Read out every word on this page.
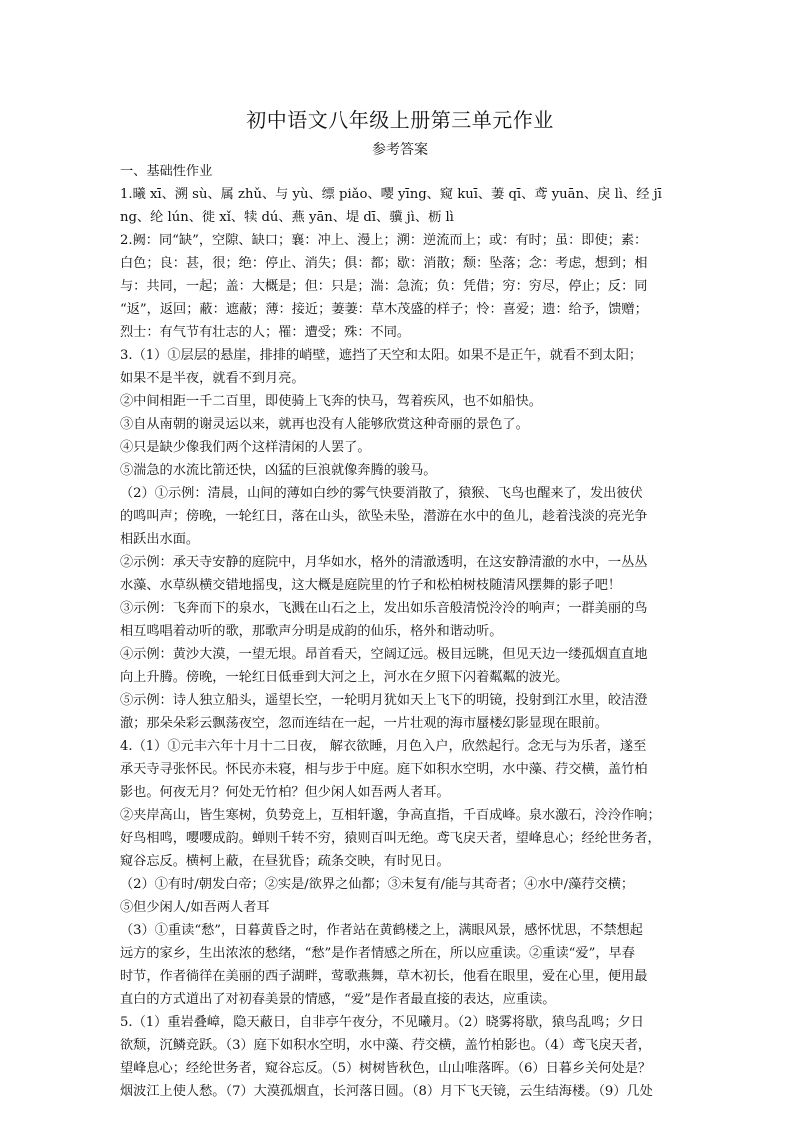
初中语文八年级上册第三单元作业
参考答案
一、基础性作业
1.曦 xī、溯 sù、属 zhǔ、与 yù、缥 piǎo、嘤 yīng、窥 kuī、萋 qī、鸢 yuān、戾 lì、经 jī
ng、纶 lún、徙 xǐ、犊 dú、燕 yān、堤 dī、骥 jì、枥 lì
2.阙：同“缺”，空隙、缺口；襄：冲上、漫上；溯：逆流而上；或：有时；虽：即使；素：
白色；良：甚，很；绝：停止、消失；俱：都；歇：消散；颓：坠落；念：考虑，想到；相
与：共同，一起；盖：大概是；但：只是；湍：急流；负：凭借；穷：穷尽，停止；反：同
“返”，返回；蔽：遮蔽；薄：接近；萋萋：草木茂盛的样子；怜：喜爱；遗：给予，馈赠；
烈士：有气节有壮志的人；罹：遭受；殊：不同。
3.（1）①层层的悬崖，排排的峭壁，遮挡了天空和太阳。如果不是正午，就看不到太阳；
如果不是半夜，就看不到月亮。
②中间相距一千二百里，即使骑上飞奔的快马，驾着疾风，也不如船快。
③自从南朝的谢灵运以来，就再也没有人能够欣赏这种奇丽的景色了。
④只是缺少像我们两个这样清闲的人罢了。
⑤湍急的水流比箭还快，凶猛的巨浪就像奔腾的骏马。
（2）①示例：清晨，山间的薄如白纱的雾气快要消散了，猿猴、飞鸟也醒来了，发出彼伏
的鸣叫声；傍晚，一轮红日，落在山头，欲坠未坠，潜游在水中的鱼儿，趁着浅淡的亮光争
相跃出水面。
②示例：承天寺安静的庭院中，月华如水，格外的清澈透明，在这安静清澈的水中，一丛丛
水藻、水草纵横交错地摇曳，这大概是庭院里的竹子和松柏树枝随清风摆舞的影子吧！
③示例：飞奔而下的泉水，飞溅在山石之上，发出如乐音般清悦泠泠的响声；一群美丽的鸟
相互鸣唱着动听的歌，那歌声分明是成韵的仙乐，格外和谐动听。
④示例：黄沙大漠，一望无垠。昂首看天，空阔辽远。极目远眺，但见天边一缕孤烟直直地
向上升腾。傍晚，一轮红日低垂到大河之上，河水在夕照下闪着粼粼的波光。
⑤示例：诗人独立船头，遥望长空，一轮明月犹如天上飞下的明镜，投射到江水里，皎洁澄
澈；那朵朵彩云飘荡夜空，忽而连结在一起，一片壮观的海市蜃楼幻影显现在眼前。
4.（1）①元丰六年十月十二日夜， 解衣欲睡，月色入户，欣然起行。念无与为乐者，遂至
承天寺寻张怀民。怀民亦未寝，相与步于中庭。庭下如积水空明，水中藻、荇交横，盖竹柏
影也。何夜无月？何处无竹柏？但少闲人如吾两人者耳。
②夹岸高山，皆生寒树，负势竞上，互相轩邈，争高直指，千百成峰。泉水激石，泠泠作响；
好鸟相鸣，嘤嘤成韵。蝉则千转不穷，猿则百叫无绝。鸢飞戾天者，望峰息心；经纶世务者，
窥谷忘反。横柯上蔽，在昼犹昏；疏条交映，有时见日。
（2）①有时/朝发白帝；②实是/欲界之仙都；③未复有/能与其奇者；④水中/藻荇交横；
⑤但少闲人/如吾两人者耳
（3）①重读“愁”，日暮黄昏之时，作者站在黄鹤楼之上，满眼风景，感怀忧思，不禁想起
远方的家乡，生出浓浓的愁绪，“愁”是作者情感之所在，所以应重读。②重读“爱”，早春
时节，作者徜徉在美丽的西子湖畔，莺歌燕舞，草木初长，他看在眼里，爱在心里，便用最
直白的方式道出了对初春美景的情感，“爱”是作者最直接的表达，应重读。
5.（1）重岩叠嶂，隐天蔽日，自非亭午夜分，不见曦月。（2）晓雾将歇，猿鸟乱鸣；夕日
欲颓，沉鳞竞跃。（3）庭下如积水空明，水中藻、荇交横，盖竹柏影也。（4）鸢飞戾天者，
望峰息心；经纶世务者，窥谷忘反。（5）树树皆秋色，山山唯落晖。（6）日暮乡关何处是？
烟波江上使人愁。（7）大漠孤烟直，长河落日圆。（8）月下飞天镜，云生结海楼。（9）几处
